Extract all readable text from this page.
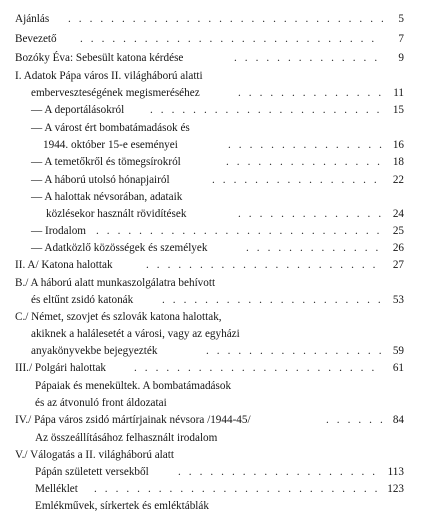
Ajánlás . . .	5
Bevezető . . .	7
Bozóky Éva: Sebesült katona kérdése . . .	9
I. Adatok Pápa város II. világháború alatti
emberveszteségének megismeréséhez . . .	11
— A deportálásokról . . .	15
— A várost ért bombatámadások és
1944. október 15-e eseményei . . .	16
— A temetőkről és tömegsírokról . . .	18
— A háború utolsó hónapjairól . . .	22
— A halottak névsorában, adataik
közlésekor használt rövidítések . . .	24
— Irodalom . . .	25
— Adatközlő közösségek és személyek . . .	26
II. A/ Katona halottak . . .	27
B./ A háború alatt munkaszolgálatra behívott
és eltűnt zsidó katonák . . .	53
C./ Német, szovjet és szlovák katona halottak,
akiknek a halálesetét a városi, vagy az egyházi
anyakönyvekbe bejegyezték . . .	59
III./ Polgári halottak . . .	61
Pápaiak és menekültek. A bombatámadások
és az átvonuló front áldozatai
IV./ Pápa város zsidó mártírjainak névsora /1944-45/ . . .	84
Az összeállításához felhasznált irodalom
V./ Válogatás a II. világháború alatt
Pápán született versekből . . .	113
Melléklet . . .	123
Emlékművek, sírkertek és emléktáblák
